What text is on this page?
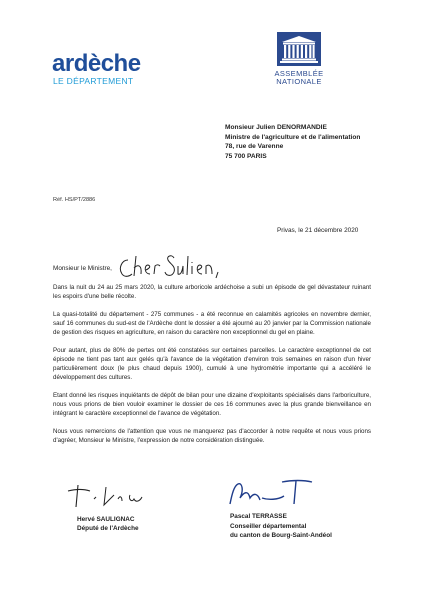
ardèche
LE DÉPARTEMENT
ASSEMBLÉE
NATIONALE
Monsieur Julien DENORMANDIE
Ministre de l'agriculture et de l'alimentation
78, rue de Varenne
75 700 PARIS
Réf. HS/PT/2886
Privas, le 21 décembre 2020
Monsieur le Ministre,

Dans la nuit du 24 au 25 mars 2020, la culture arboricole ardéchoise a subi un épisode de gel dévastateur ruinant les espoirs d'une belle récolte.

La quasi-totalité du département - 275 communes - a été reconnue en calamités agricoles en novembre dernier, sauf 16 communes du sud-est de l'Ardèche dont le dossier a été ajourné au 20 janvier par la Commission nationale de gestion des risques en agriculture, en raison du caractère non exceptionnel du gel en plaine.

Pour autant, plus de 80% de pertes ont été constatées sur certaines parcelles. Le caractère exceptionnel de cet épisode ne tient pas tant aux gelés qu'à l'avance de la végétation d'environ trois semaines en raison d'un hiver particulièrement doux (le plus chaud depuis 1900), cumulé à une hydrométrie importante qui a accéléré le développement des cultures.

Etant donné les risques inquiétants de dépôt de bilan pour une dizaine d'exploitants spécialisés dans l'arboriculture, nous vous prions de bien vouloir examiner le dossier de ces 16 communes avec la plus grande bienveillance en intégrant le caractère exceptionnel de l'avance de végétation.

Nous vous remercions de l'attention que vous ne manquerez pas d'accorder à notre requête et nous vous prions d'agréer, Monsieur le Ministre, l'expression de notre considération distinguée.

Hervé SAULIGNAC
Député de l'Ardèche
Pascal TERRASSE
Conseiller départemental
du canton de Bourg-Saint-Andéol
